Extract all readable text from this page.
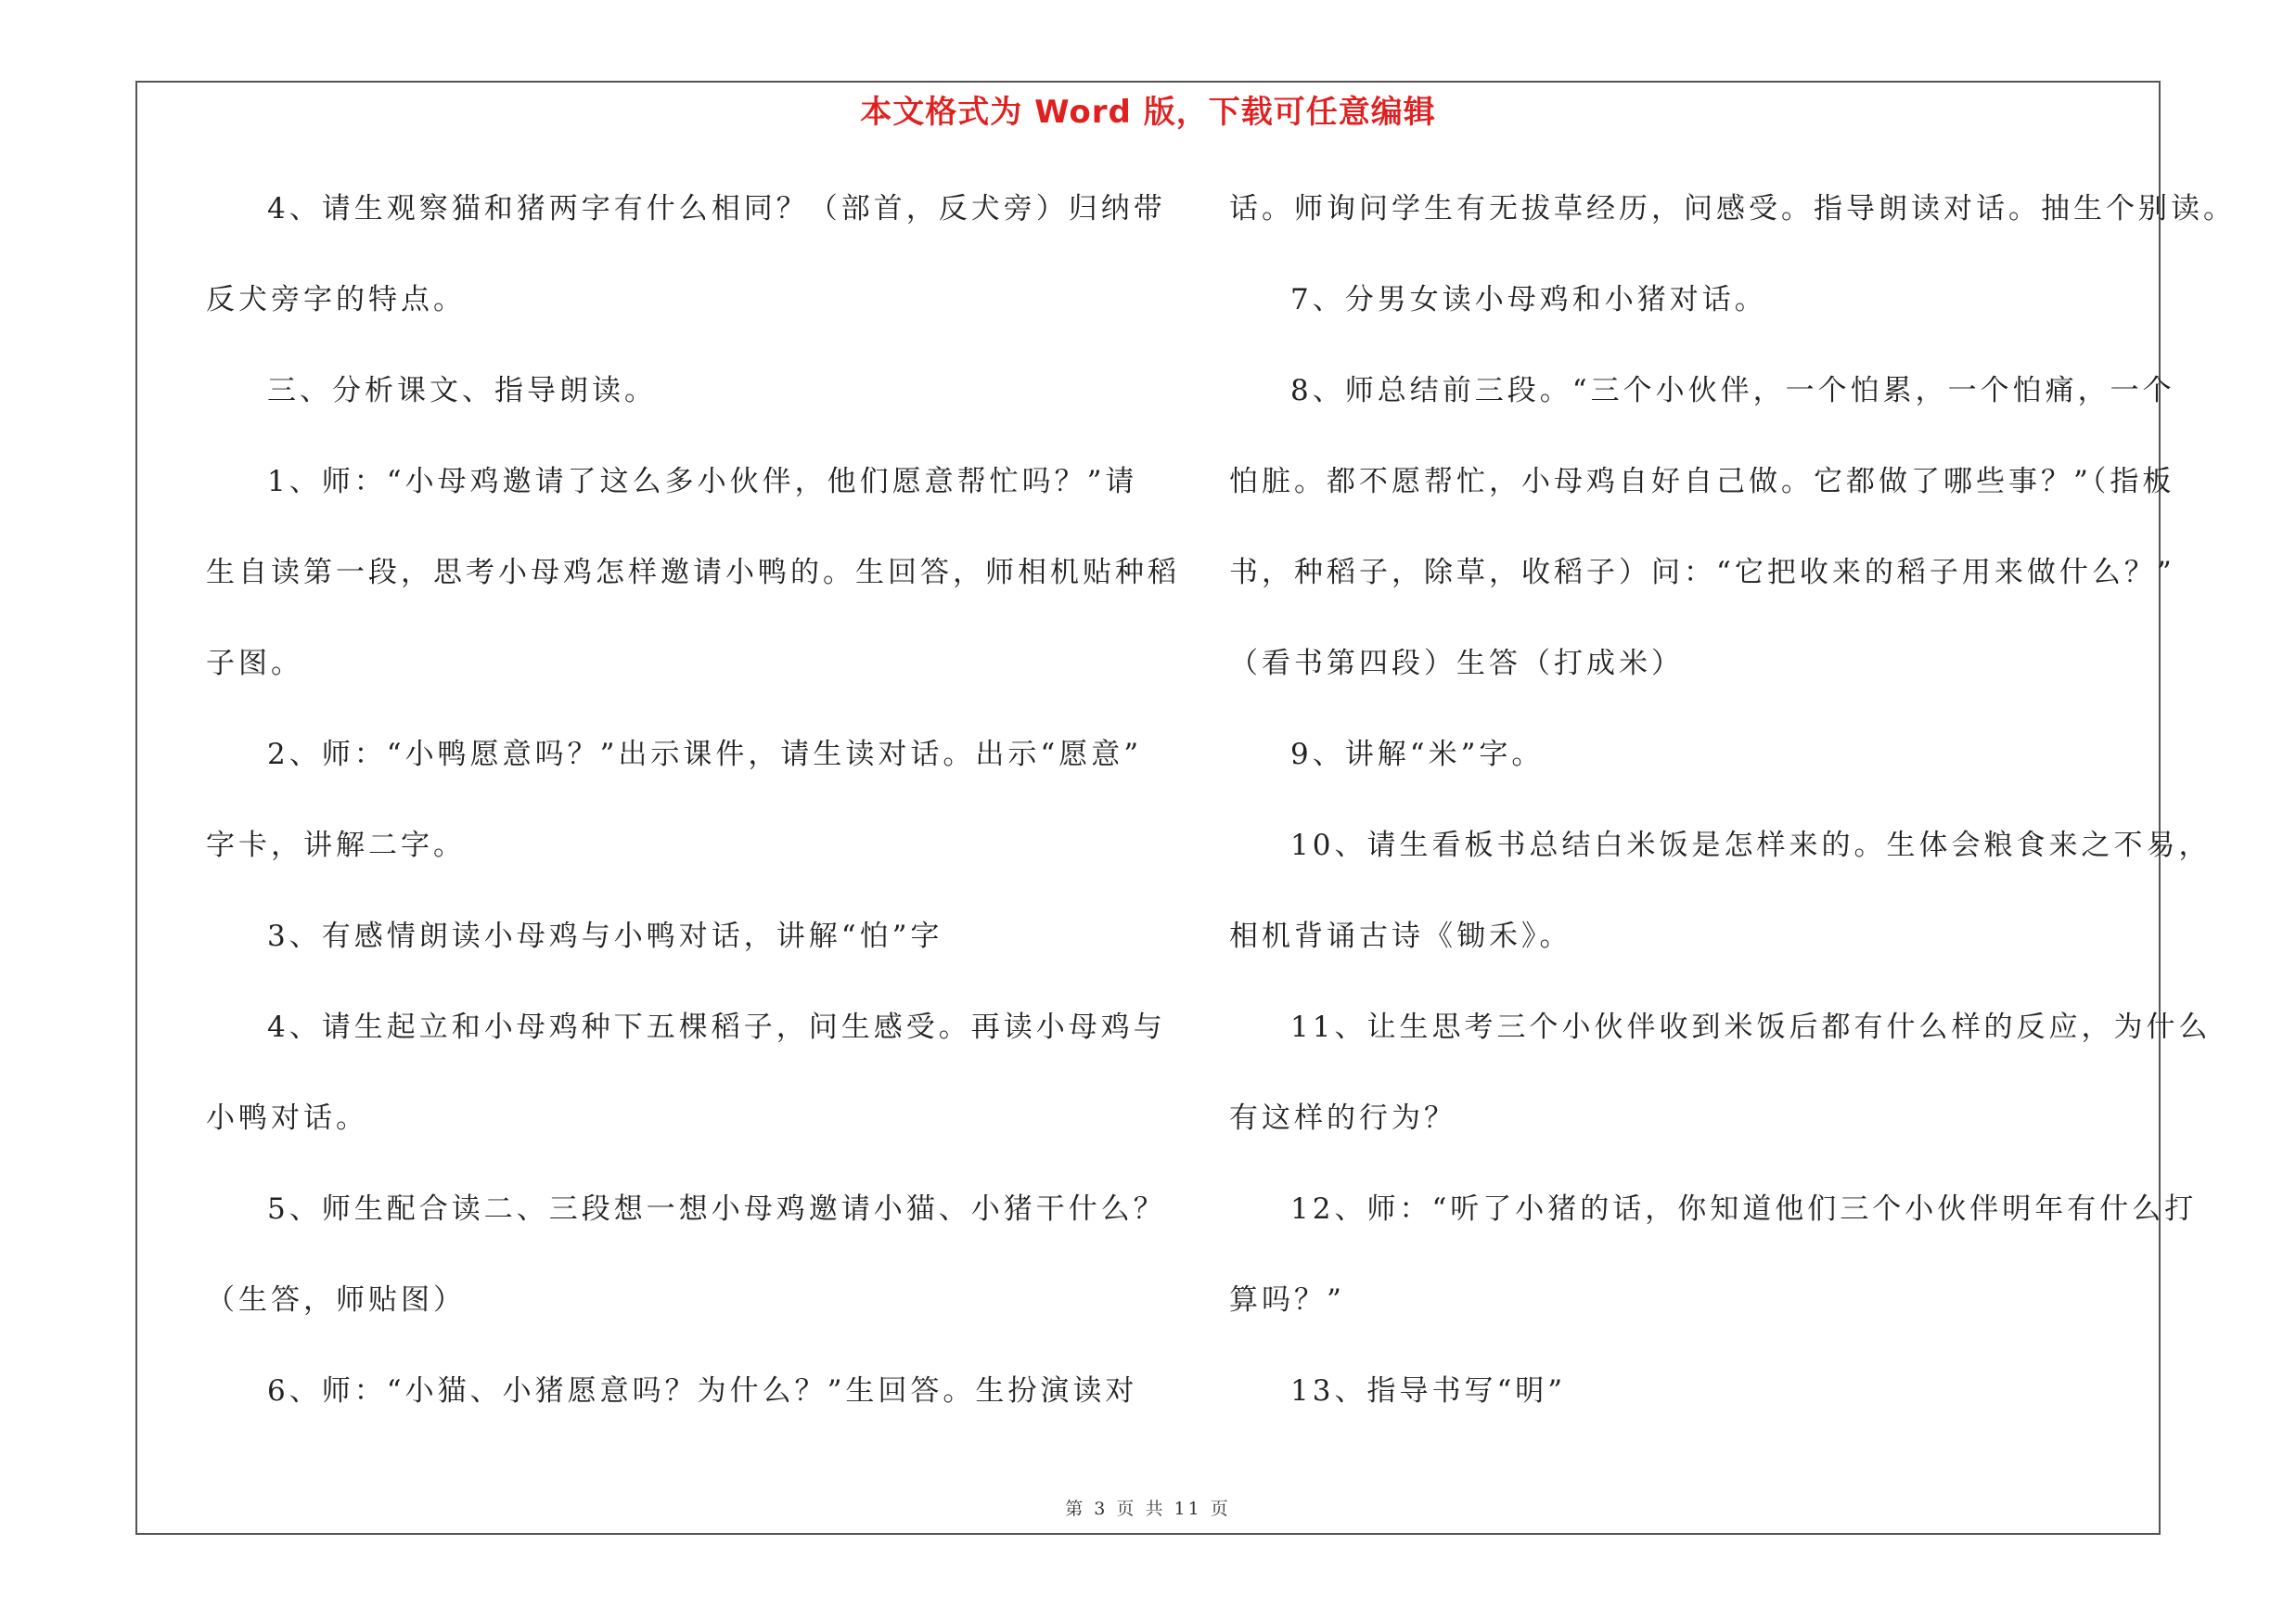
本文格式为 Word 版，下载可任意编辑
4、请生观察猫和猪两字有什么相同？（部首，反犬旁）归纳带
反犬旁字的特点。
三、分析课文、指导朗读。
1、师：“小母鸡邀请了这么多小伙伴，他们愿意帮忙吗？”请
生自读第一段，思考小母鸡怎样邀请小鸭的。生回答，师相机贴种稻
子图。
2、师：“小鸭愿意吗？”出示课件，请生读对话。出示“愿意”
字卡，讲解二字。
3、有感情朗读小母鸡与小鸭对话，讲解“怕”字
4、请生起立和小母鸡种下五棵稻子，问生感受。再读小母鸡与
小鸭对话。
5、师生配合读二、三段想一想小母鸡邀请小猫、小猪干什么？
（生答，师贴图）
6、师：“小猫、小猪愿意吗？为什么？”生回答。生扮演读对
话。师询问学生有无拔草经历，问感受。指导朗读对话。抽生个别读。
7、分男女读小母鸡和小猪对话。
8、师总结前三段。“三个小伙伴，一个怕累，一个怕痛，一个
怕脏。都不愿帮忙，小母鸡自好自己做。它都做了哪些事？”（指板
书，种稻子，除草，收稻子）问：“它把收来的稻子用来做什么？”
（看书第四段）生答（打成米）
9、讲解“米”字。
10、请生看板书总结白米饭是怎样来的。生体会粮食来之不易，
相机背诵古诗《锄禾》。
11、让生思考三个小伙伴收到米饭后都有什么样的反应，为什么
有这样的行为？
12、师：“听了小猪的话，你知道他们三个小伙伴明年有什么打
算吗？”
13、指导书写“明”
第 3 页 共 11 页
